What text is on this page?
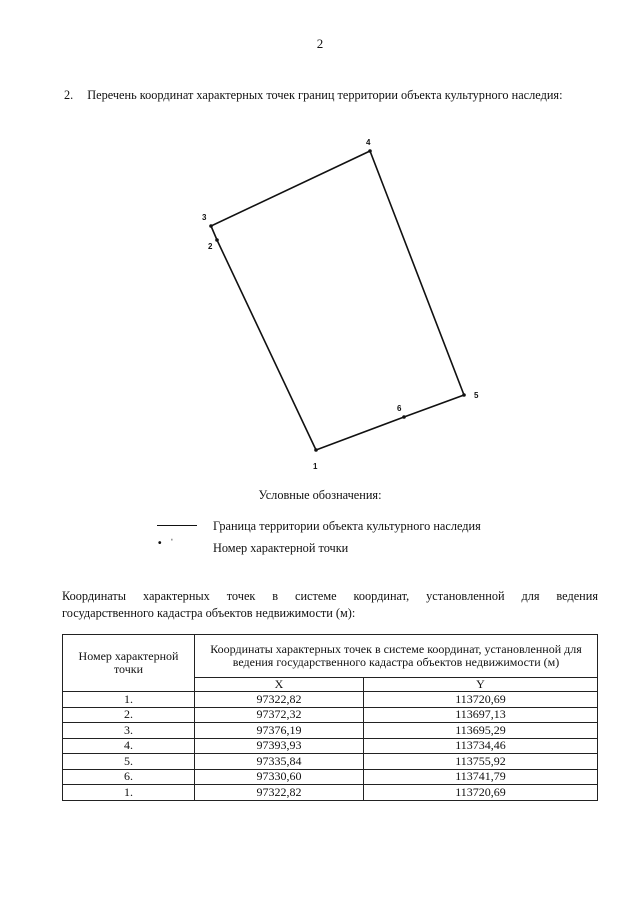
2
2. Перечень координат характерных точек границ территории объекта культурного наследия:
1
2
3
4
5
6
Условные обозначения:
Граница территории объекта культурного наследия
• ˈ	Номер характерной точки
Координаты характерных точек в системе координат, установленной для ведения
государственного кадастра объектов недвижимости (м):
Номер характерной точки	Координаты характерных точек в системе координат, установленной для ведения государственного кадастра объектов недвижимости (м)	
	X	Y
1.	97322,82	113720,69
2.	97372,32	113697,13
3.	97376,19	113695,29
4.	97393,93	113734,46
5.	97335,84	113755,92
6.	97330,60	113741,79
1.	97322,82	113720,69
